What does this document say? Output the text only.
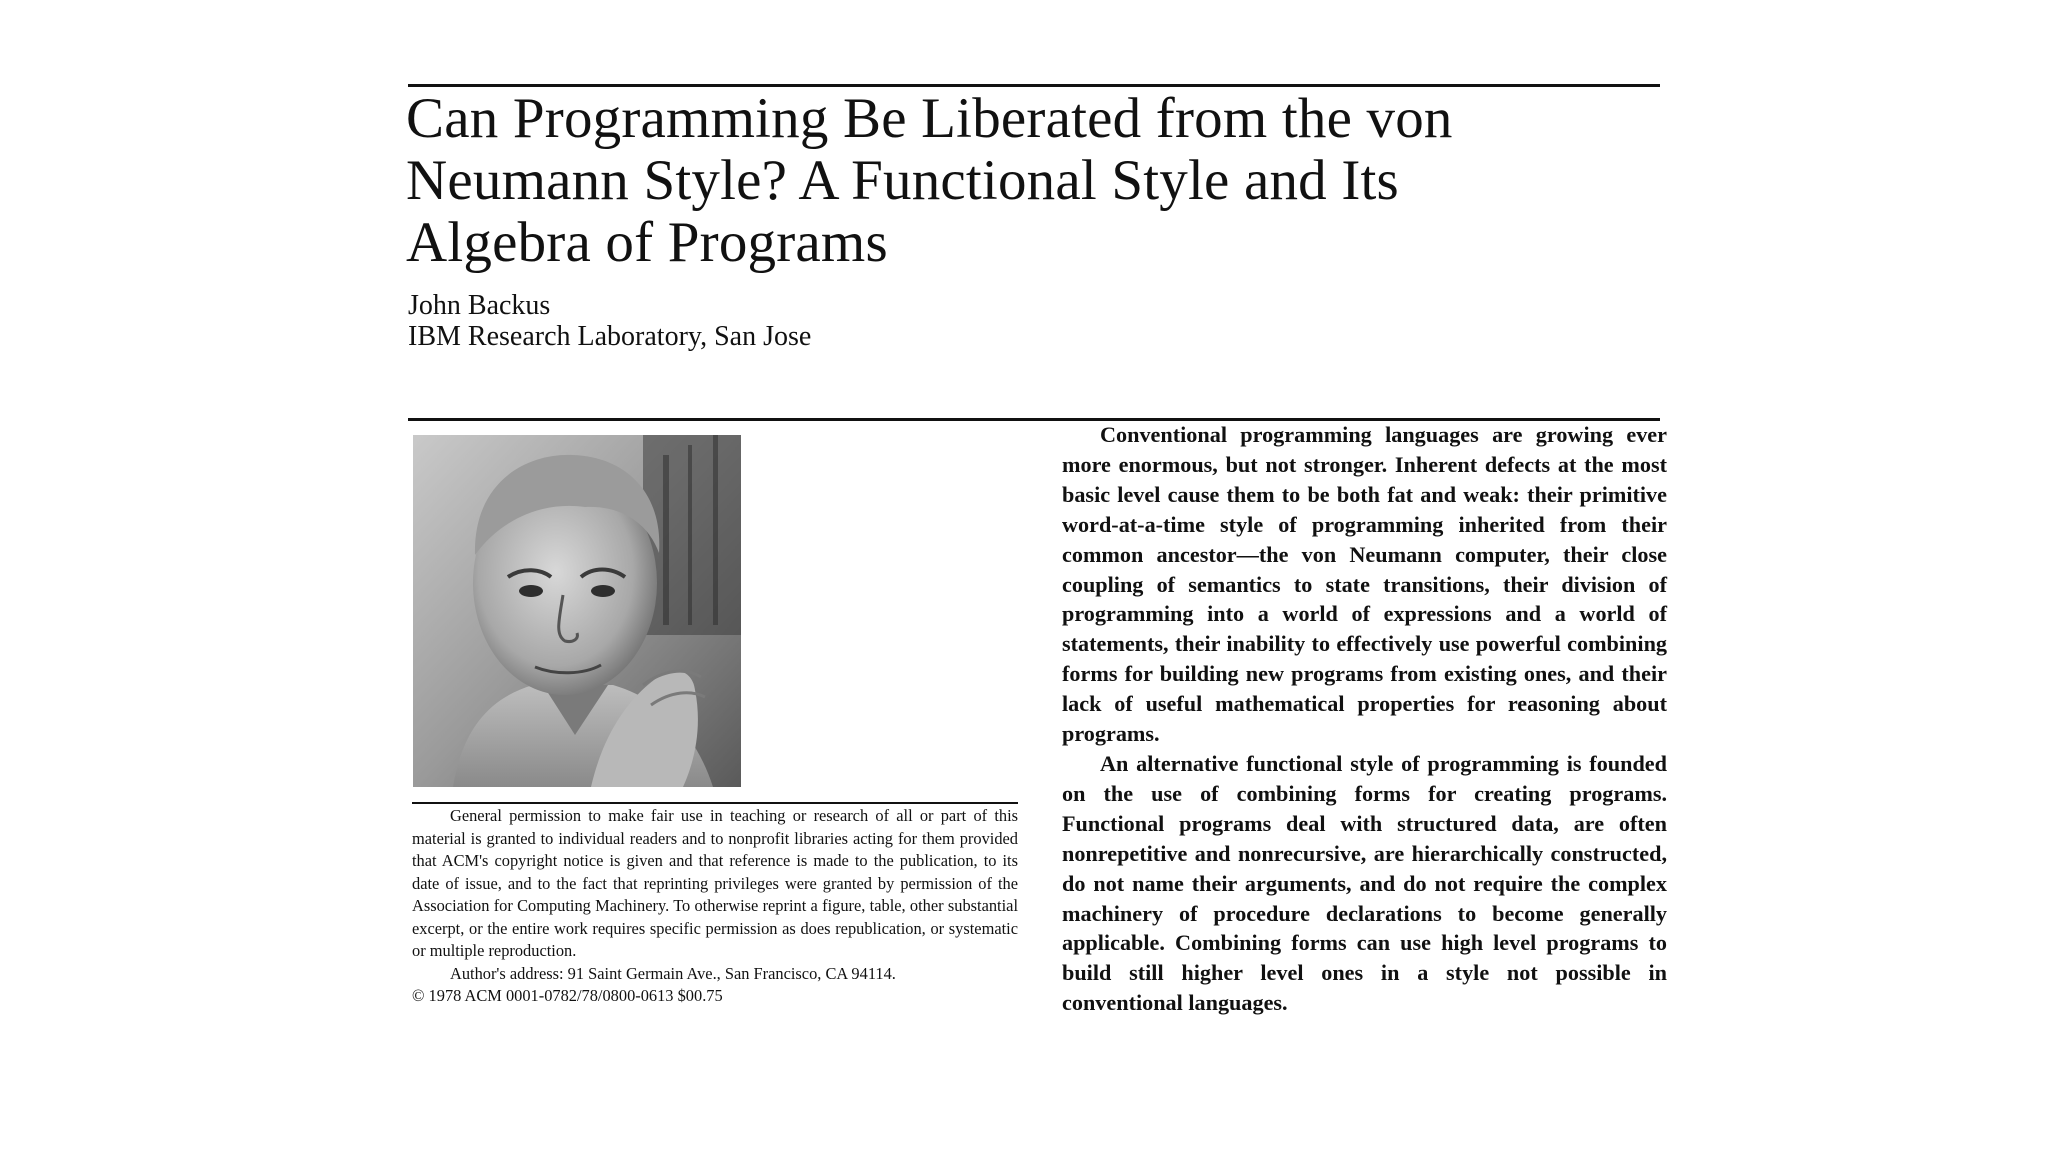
Can Programming Be Liberated from the von
Neumann Style? A Functional Style and Its
Algebra of Programs
John Backus
IBM Research Laboratory, San Jose

General permission to make fair use in teaching or research of all or part of this material is granted to individual readers and to nonprofit libraries acting for them provided that ACM's copyright notice is given and that reference is made to the publication, to its date of issue, and to the fact that reprinting privileges were granted by permission of the Association for Computing Machinery. To otherwise reprint a figure, table, other substantial excerpt, or the entire work requires specific permission as does republication, or systematic or multiple reproduction.

Author's address: 91 Saint Germain Ave., San Francisco, CA 94114.

© 1978 ACM 0001-0782/78/0800-0613 $00.75

Conventional programming languages are growing ever more enormous, but not stronger. Inherent defects at the most basic level cause them to be both fat and weak: their primitive word-at-a-time style of programming inherited from their common ancestor—the von Neumann computer, their close coupling of semantics to state transitions, their division of programming into a world of expressions and a world of statements, their inability to effectively use powerful combining forms for building new programs from existing ones, and their lack of useful mathematical properties for reasoning about programs.

An alternative functional style of programming is founded on the use of combining forms for creating programs. Functional programs deal with structured data, are often nonrepetitive and nonrecursive, are hierarchically constructed, do not name their arguments, and do not require the complex machinery of procedure declarations to become generally applicable. Combining forms can use high level programs to build still higher level ones in a style not possible in conventional languages.
